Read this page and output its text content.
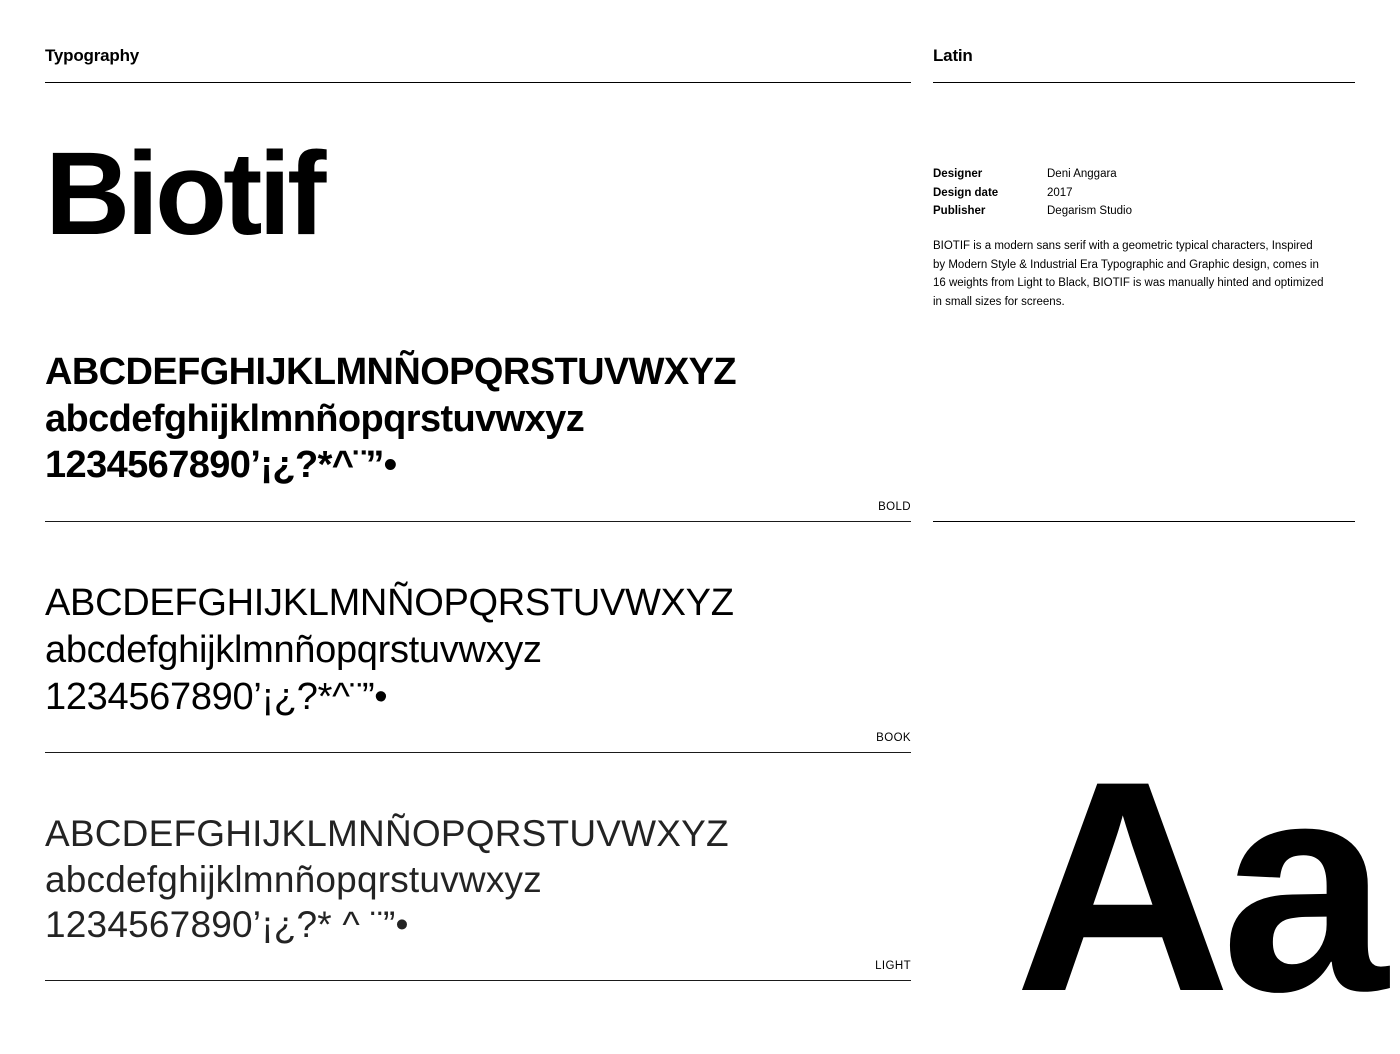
Typography
Biotif
ABCDEFGHIJKLMNÑOPQRSTUVWXYZ
abcdefghijklmnñopqrstuvwxyz
1234567890’¡¿?*^¨”•
BOLD
ABCDEFGHIJKLMNÑOPQRSTUVWXYZ
abcdefghijklmnñopqrstuvwxyz
1234567890’¡¿?*^¨”•
BOOK
ABCDEFGHIJKLMNÑOPQRSTUVWXYZ
abcdefghijklmnñopqrstuvwxyz
1234567890’¡¿?* ^ ¨”•
LIGHT
Latin
Designer	Deni Anggara
Design date	2017
Publisher	Degarism Studio
BIOTIF is a modern sans serif with a geometric typical characters, Inspired by Modern Style & Industrial Era Typographic and Graphic design, comes in 16 weights from Light to Black, BIOTIF is was manually hinted and optimized in small sizes for screens.
Aa
